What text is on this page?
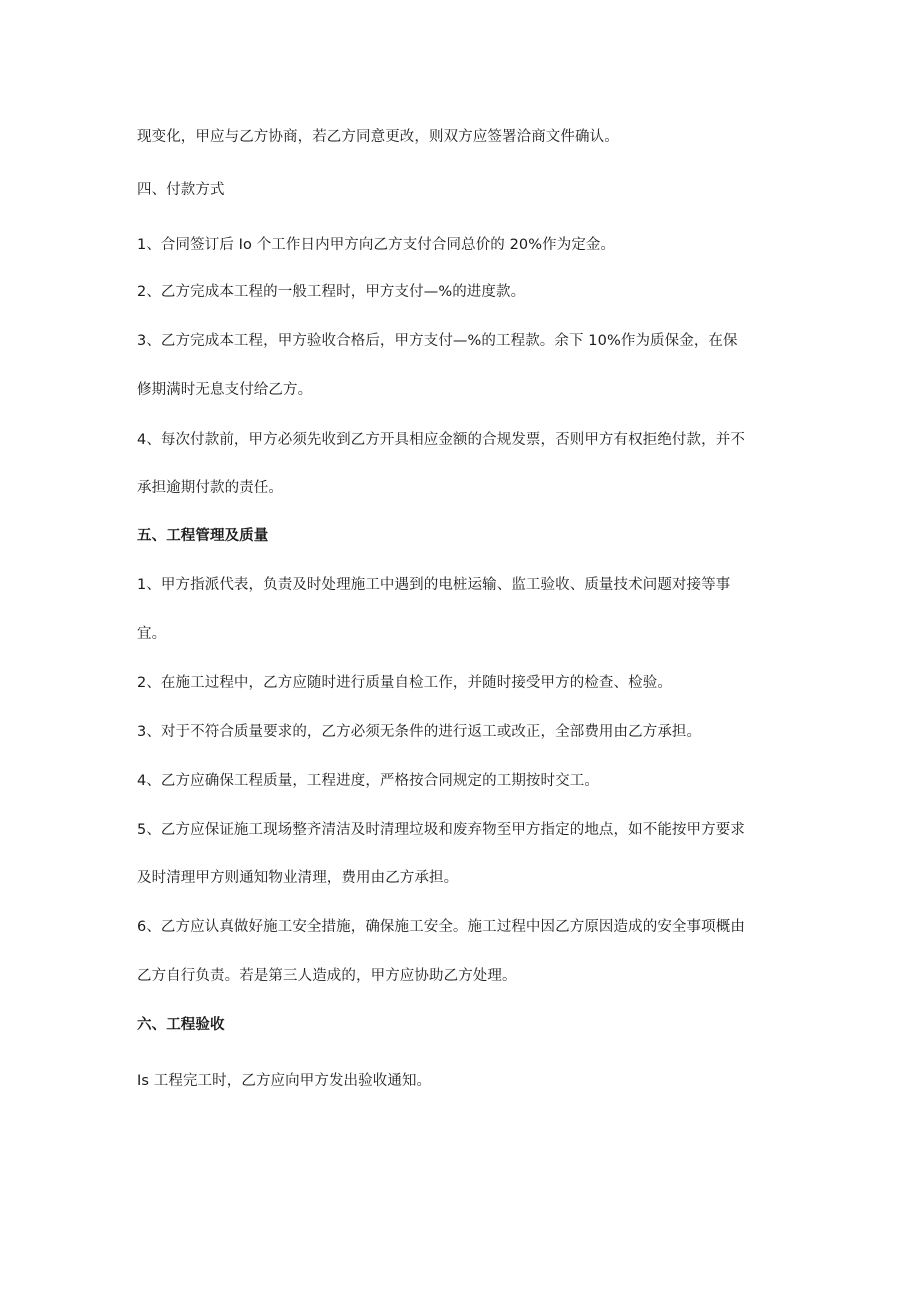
现变化，甲应与乙方协商，若乙方同意更改，则双方应签署洽商文件确认。

四、付款方式

1、合同签订后 Io 个工作日内甲方向乙方支付合同总价的 20%作为定金。

2、乙方完成本工程的一般工程时，甲方支付—%的进度款。

3、乙方完成本工程，甲方验收合格后，甲方支付—%的工程款。余下 10%作为质保金，在保

修期满时无息支付给乙方。

4、每次付款前，甲方必须先收到乙方开具相应金额的合规发票，否则甲方有权拒绝付款，并不

承担逾期付款的责任。

五、工程管理及质量

1、甲方指派代表，负责及时处理施工中遇到的电桩运输、监工验收、质量技术问题对接等事

宜。

2、在施工过程中，乙方应随时进行质量自检工作，并随时接受甲方的检查、检验。

3、对于不符合质量要求的，乙方必须无条件的进行返工或改正，全部费用由乙方承担。

4、乙方应确保工程质量，工程进度，严格按合同规定的工期按时交工。

5、乙方应保证施工现场整齐清洁及时清理垃圾和废弃物至甲方指定的地点，如不能按甲方要求

及时清理甲方则通知物业清理，费用由乙方承担。

6、乙方应认真做好施工安全措施，确保施工安全。施工过程中因乙方原因造成的安全事项概由

乙方自行负责。若是第三人造成的，甲方应协助乙方处理。

六、工程验收

Is 工程完工时，乙方应向甲方发出验收通知。
